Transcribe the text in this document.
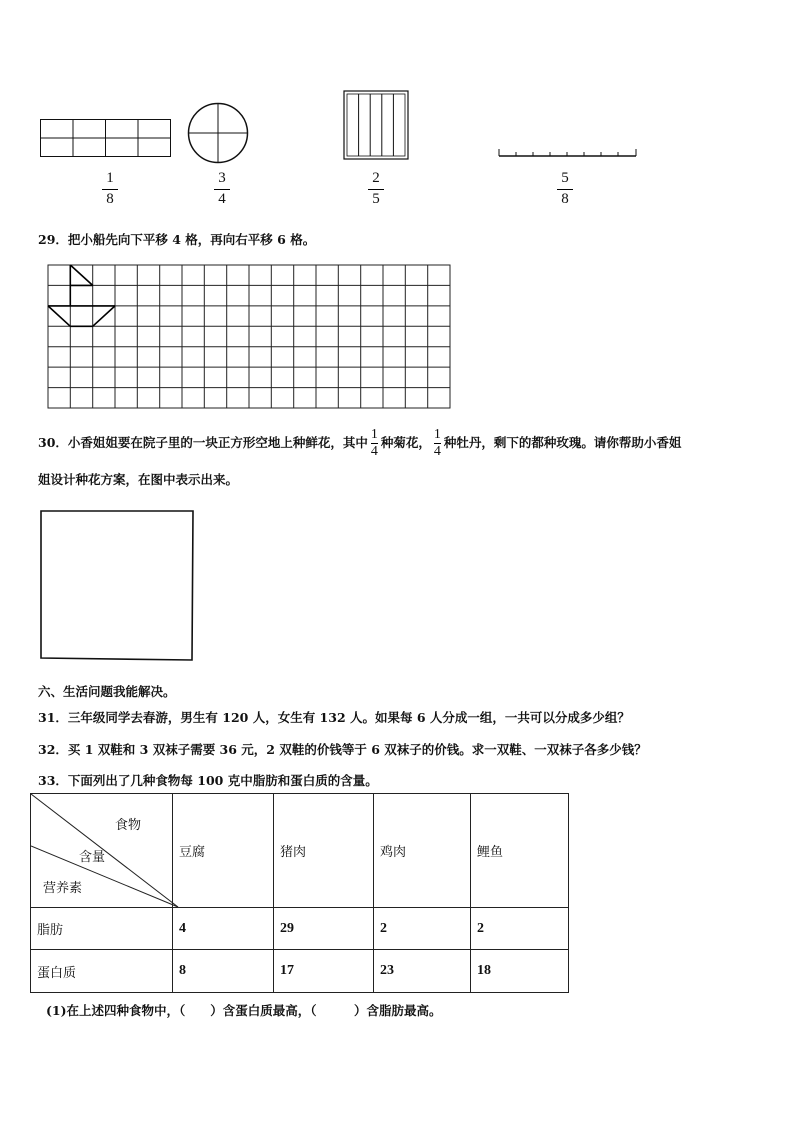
1
8
3
4
2
5
5
8
29．把小船先向下平移 4 格，再向右平移 6 格。
30．小香姐姐要在院子里的一块正方形空地上种鲜花，其中 $\frac{1}{4}$ 种菊花， $\frac{1}{4}$ 种牡丹，剩下的都种玫瑰。请你帮助小香姐
姐设计种花方案，在图中表示出来。
六、生活问题我能解决。
31．三年级同学去春游，男生有 120 人，女生有 132 人。如果每 6 人分成一组，一共可以分成多少组？
32．买 1 双鞋和 3 双袜子需要 36 元，2 双鞋的价钱等于 6 双袜子的价钱。求一双鞋、一双袜子各多少钱？
33．下面列出了几种食物每 100 克中脂肪和蛋白质的含量。
食物
含量
营养素	豆腐	猪肉	鸡肉	鲤鱼
脂肪	4	29	2	2
蛋白质	8	17	23	18
(1)在上述四种食物中，（　　）含蛋白质最高，（　　　）含脂肪最高。
